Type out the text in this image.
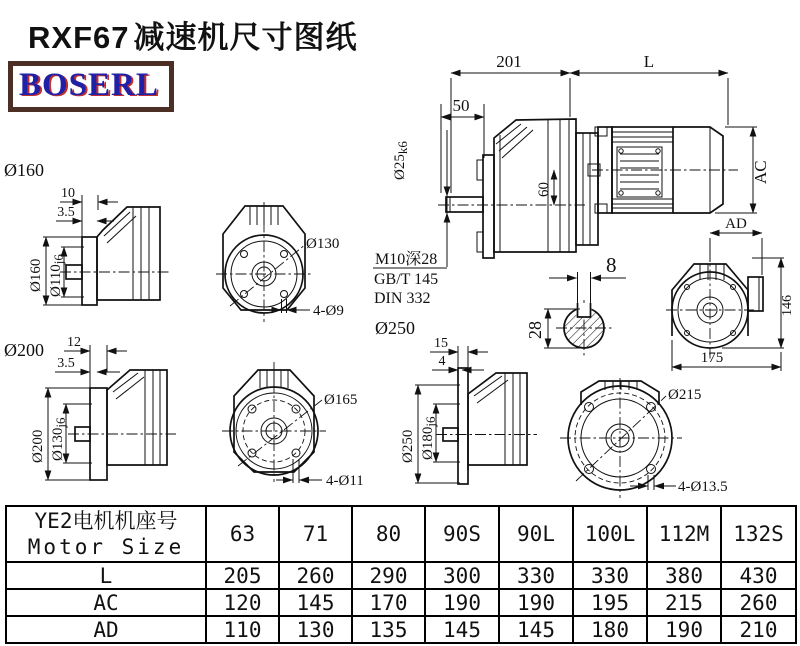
RXF67 减速机尺寸图纸
BOSERL
201	L
50
Ø25k6
M10深28
GB/T 145
DIN 332
60
AC
8
28
AD
146
175
Ø160
10
3.5
Ø160 Ø110j6
Ø130
4-Ø9
Ø200 12
3.5
Ø200 Ø130j6
Ø165
4-Ø11
Ø250
15
4
Ø250 Ø180j6
Ø215
4-Ø13.5
YE2电机机座号
Motor Size	63	71	80	90S	90L	100L	112M	132S
L	205	260	290	300	330	330	380	430
AC	120	145	170	190	190	195	215	260
AD	110	130	135	145	145	180	190	210
